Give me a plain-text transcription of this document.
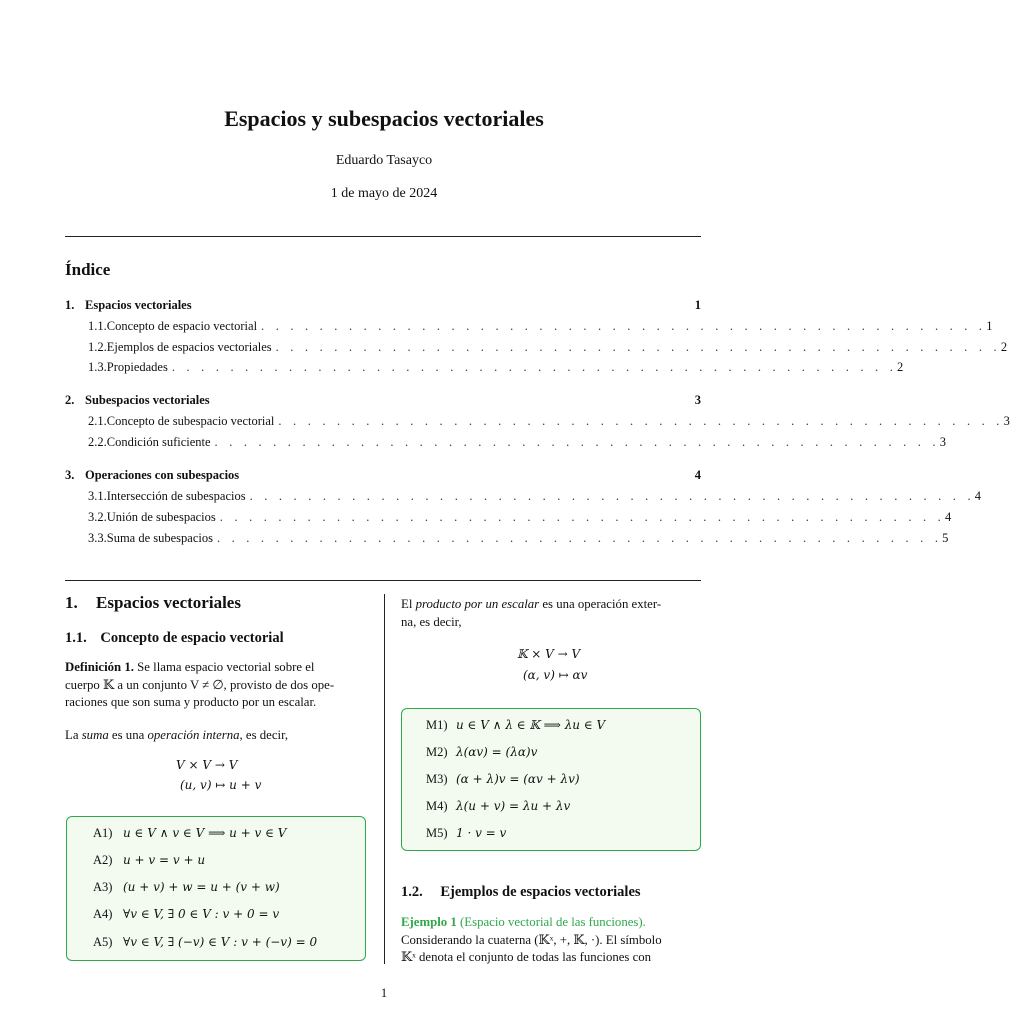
Espacios y subespacios vectoriales
Eduardo Tasayco
1 de mayo de 2024
Índice
1. Espacios vectoriales	1
1.1. Concepto de espacio vectorial . . . . . . . . . . . . . . . . . . . . . . . . . . . . . . . . . . . . . . . . . . . . . . . . . . 1
1.2. Ejemplos de espacios vectoriales . . . . . . . . . . . . . . . . . . . . . . . . . . . . . . . . . . . . . . . . . . . . . . . . . . 2
1.3. Propiedades . . . . . . . . . . . . . . . . . . . . . . . . . . . . . . . . . . . . . . . . . . . . . . . . . . 2
2. Subespacios vectoriales	3
2.1. Concepto de subespacio vectorial . . . . . . . . . . . . . . . . . . . . . . . . . . . . . . . . . . . . . . . . . . . . . . . . . . 3
2.2. Condición suficiente . . . . . . . . . . . . . . . . . . . . . . . . . . . . . . . . . . . . . . . . . . . . . . . . . . 3
3. Operaciones con subespacios	4
3.1. Intersección de subespacios . . . . . . . . . . . . . . . . . . . . . . . . . . . . . . . . . . . . . . . . . . . . . . . . . . 4
3.2. Unión de subespacios . . . . . . . . . . . . . . . . . . . . . . . . . . . . . . . . . . . . . . . . . . . . . . . . . . 4
3.3. Suma de subespacios . . . . . . . . . . . . . . . . . . . . . . . . . . . . . . . . . . . . . . . . . . . . . . . . . . 5
1. Espacios vectoriales
1.1. Concepto de espacio vectorial
Definición 1. Se llama espacio vectorial sobre el
cuerpo 𝕂 a un conjunto V ≠ ∅, provisto de dos ope-
raciones que son suma y producto por un escalar.
La suma es una operación interna, es decir,
V × V → V
(u, v) ↦ u + v
A1) u ∈ V ∧ v ∈ V ⟹ u + v ∈ V
A2) u + v = v + u
A3) (u + v) + w = u + (v + w)
A4) ∀v ∈ V, ∃ 0 ∈ V : v + 0 = v
A5) ∀v ∈ V, ∃ (−v) ∈ V : v + (−v) = 0
El producto por un escalar es una operación exter-
na, es decir,
𝕂 × V → V
(α, v) ↦ αv
M1) u ∈ V ∧ λ ∈ 𝕂 ⟹ λu ∈ V
M2) λ(αv) = (λα)v
M3) (α + λ)v = (αv + λv)
M4) λ(u + v) = λu + λv
M5) 1 · v = v
1.2. Ejemplos de espacios vectoriales
Ejemplo 1 (Espacio vectorial de las funciones).
Considerando la cuaterna (𝕂ˣ, +, 𝕂, ·). El símbolo
𝕂ˣ denota el conjunto de todas las funciones con
1
